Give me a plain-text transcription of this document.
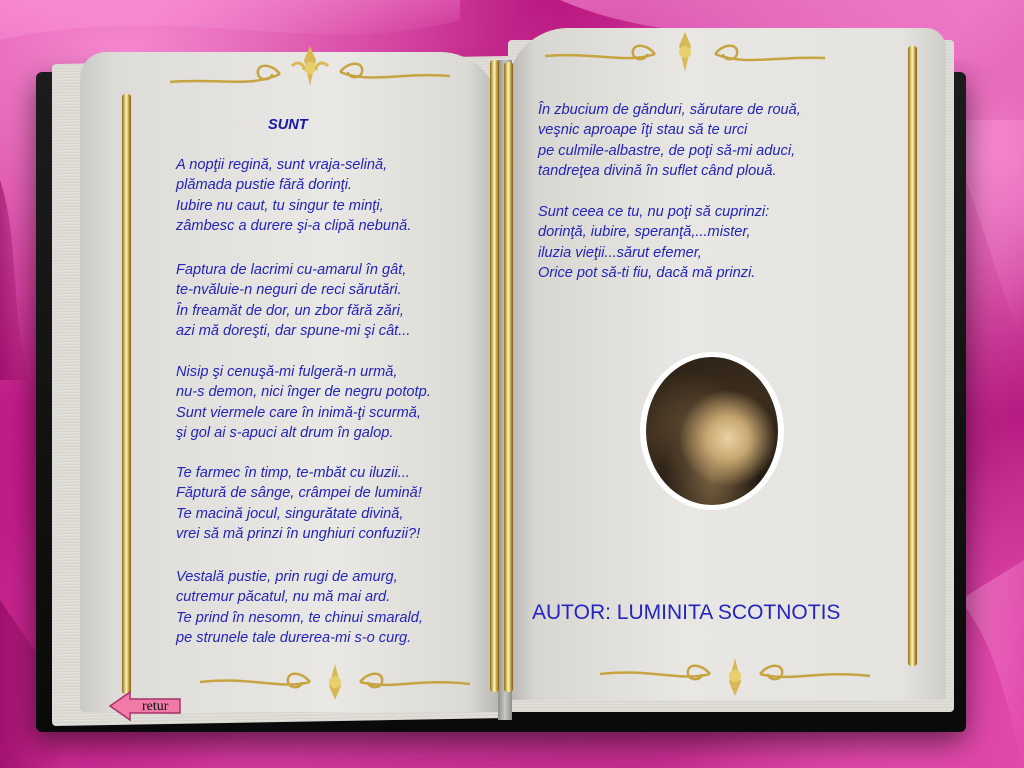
SUNT
A nopţii regină, sunt vraja-selină,
plămada pustie fără dorinţi.
Iubire nu caut, tu singur te minţi,
zâmbesc a durere şi-a clipă nebună.
Faptura de lacrimi cu-amarul în gât,
te-nvăluie-n neguri de reci sărutări.
În freamăt de dor, un zbor fără zări,
azi mă doreşti, dar spune-mi şi cât...
Nisip şi cenuşă-mi fulgeră-n urmă,
nu-s demon, nici înger de negru pototp.
Sunt viermele care în inimă-ţi scurmă,
şi gol ai s-apuci alt drum în galop.
Te farmec în timp, te-mbăt cu iluzii...
Făptură de sânge, crâmpei de lumină!
Te macină jocul, singurătate divină,
vrei să mă prinzi în unghiuri confuzii?!
Vestală pustie, prin rugi de amurg,
cutremur păcatul, nu mă mai ard.
Te prind în nesomn, te chinui smarald,
pe strunele tale durerea-mi s-o curg.
În zbucium de gănduri, sărutare de rouă,
veşnic aproape îţi stau să te urci
pe culmile-albastre, de poţi să-mi aduci,
tandreţea divină în suflet când plouă.
Sunt ceea ce tu, nu poţi să cuprinzi:
dorinţă, iubire, speranţă,...mister,
iluzia vieţii...sărut efemer,
Orice pot să-ti fiu, dacă mă prinzi.
AUTOR: LUMINITA SCOTNOTIS
retur
